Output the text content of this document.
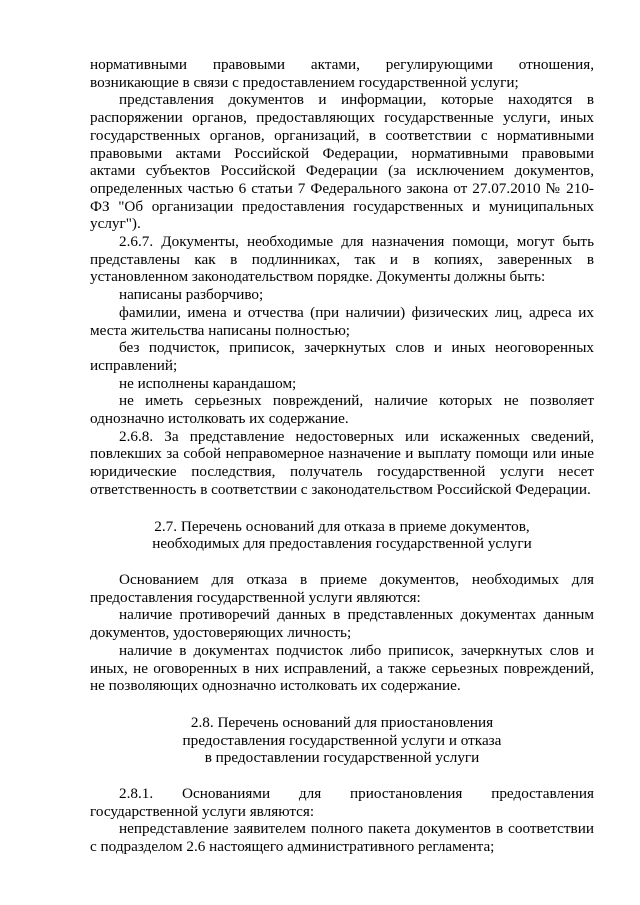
нормативными правовыми актами, регулирующими отношения, возникающие в связи с предоставлением государственной услуги;

представления документов и информации, которые находятся в распоряжении органов, предоставляющих государственные услуги, иных государственных органов, организаций, в соответствии с нормативными правовыми актами Российской Федерации, нормативными правовыми актами субъектов Российской Федерации (за исключением документов, определенных частью 6 статьи 7 Федерального закона от 27.07.2010 № 210-ФЗ "Об организации предоставления государственных и муниципальных услуг").

2.6.7. Документы, необходимые для назначения помощи, могут быть представлены как в подлинниках, так и в копиях, заверенных в установленном законодательством порядке. Документы должны быть:

написаны разборчиво;

фамилии, имена и отчества (при наличии) физических лиц, адреса их места жительства написаны полностью;

без подчисток, приписок, зачеркнутых слов и иных неоговоренных исправлений;

не исполнены карандашом;

не иметь серьезных повреждений, наличие которых не позволяет однозначно истолковать их содержание.

2.6.8. За представление недостоверных или искаженных сведений, повлекших за собой неправомерное назначение и выплату помощи или иные юридические последствия, получатель государственной услуги несет ответственность в соответствии с законодательством Российской Федерации.

2.7. Перечень оснований для отказа в приеме документов,

необходимых для предоставления государственной услуги

Основанием для отказа в приеме документов, необходимых для предоставления государственной услуги являются:

наличие противоречий данных в представленных документах данным документов, удостоверяющих личность;

наличие в документах подчисток либо приписок, зачеркнутых слов и иных, не оговоренных в них исправлений, а также серьезных повреждений, не позволяющих однозначно истолковать их содержание.

2.8. Перечень оснований для приостановления

предоставления государственной услуги и отказа

в предоставлении государственной услуги

2.8.1. Основаниями для приостановления предоставления государственной услуги являются:

непредставление заявителем полного пакета документов в соответствии с подразделом 2.6 настоящего административного регламента;
